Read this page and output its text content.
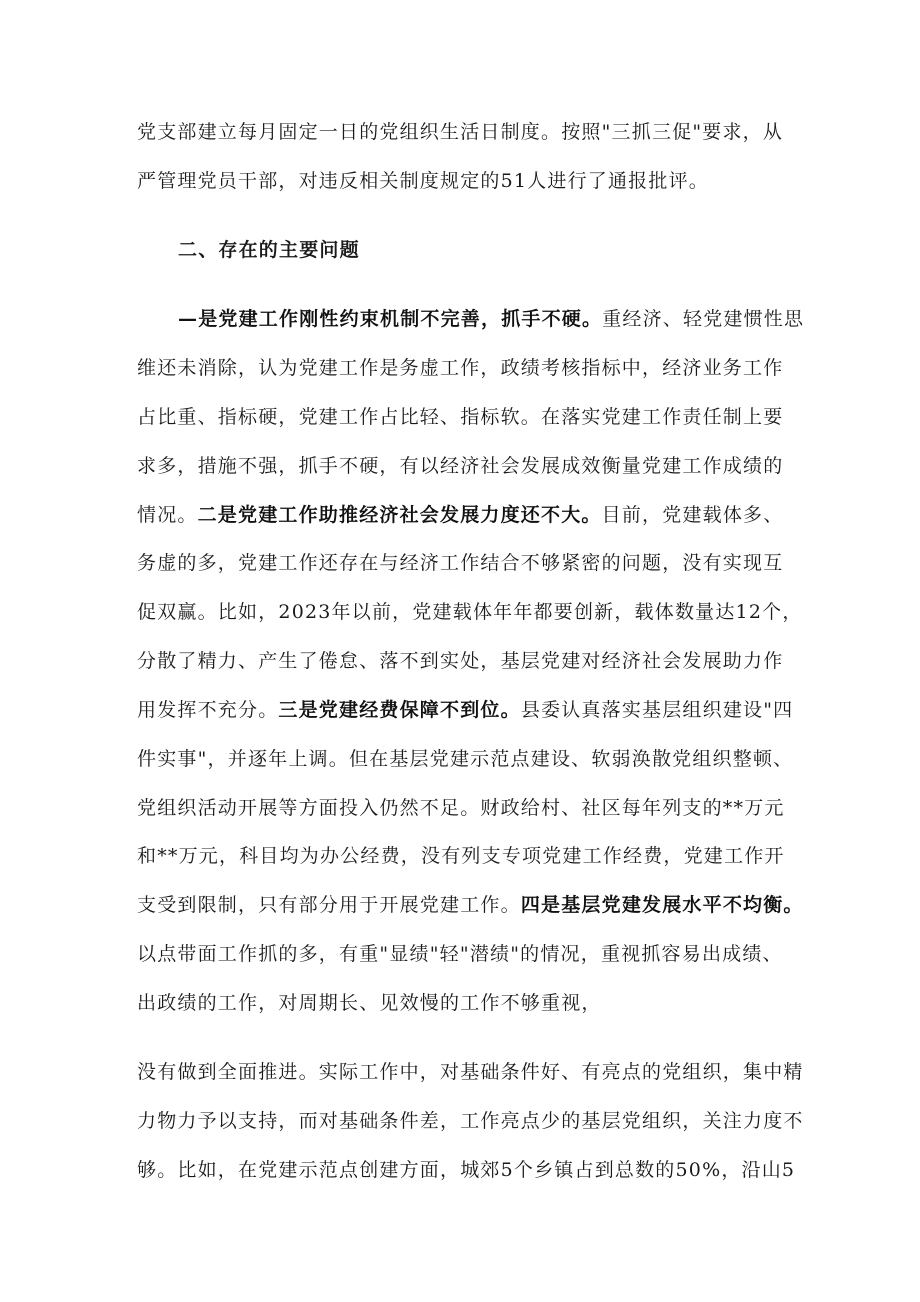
党支部建立每月固定一日的党组织生活日制度。按照"三抓三促"要求，从
严管理党员干部，对违反相关制度规定的51人进行了通报批评。
二、存在的主要问题
—是党建工作刚性约束机制不完善，抓手不硬。重经济、轻党建惯性思
维还未消除，认为党建工作是务虚工作，政绩考核指标中，经济业务工作
占比重、指标硬，党建工作占比轻、指标软。在落实党建工作责任制上要
求多，措施不强，抓手不硬，有以经济社会发展成效衡量党建工作成绩的
情况。二是党建工作助推经济社会发展力度还不大。目前，党建载体多、
务虚的多，党建工作还存在与经济工作结合不够紧密的问题，没有实现互
促双赢。比如，2023年以前，党建载体年年都要创新，载体数量达12个，
分散了精力、产生了倦怠、落不到实处，基层党建对经济社会发展助力作
用发挥不充分。三是党建经费保障不到位。县委认真落实基层组织建设"四
件实事"，并逐年上调。但在基层党建示范点建设、软弱涣散党组织整顿、
党组织活动开展等方面投入仍然不足。财政给村、社区每年列支的**万元
和**万元，科目均为办公经费，没有列支专项党建工作经费，党建工作开
支受到限制，只有部分用于开展党建工作。四是基层党建发展水平不均衡。
以点带面工作抓的多，有重"显绩"轻"潜绩"的情况，重视抓容易出成绩、
出政绩的工作，对周期长、见效慢的工作不够重视，
没有做到全面推进。实际工作中，对基础条件好、有亮点的党组织，集中精
力物力予以支持，而对基础条件差，工作亮点少的基层党组织，关注力度不
够。比如，在党建示范点创建方面，城郊5个乡镇占到总数的50%，沿山5
